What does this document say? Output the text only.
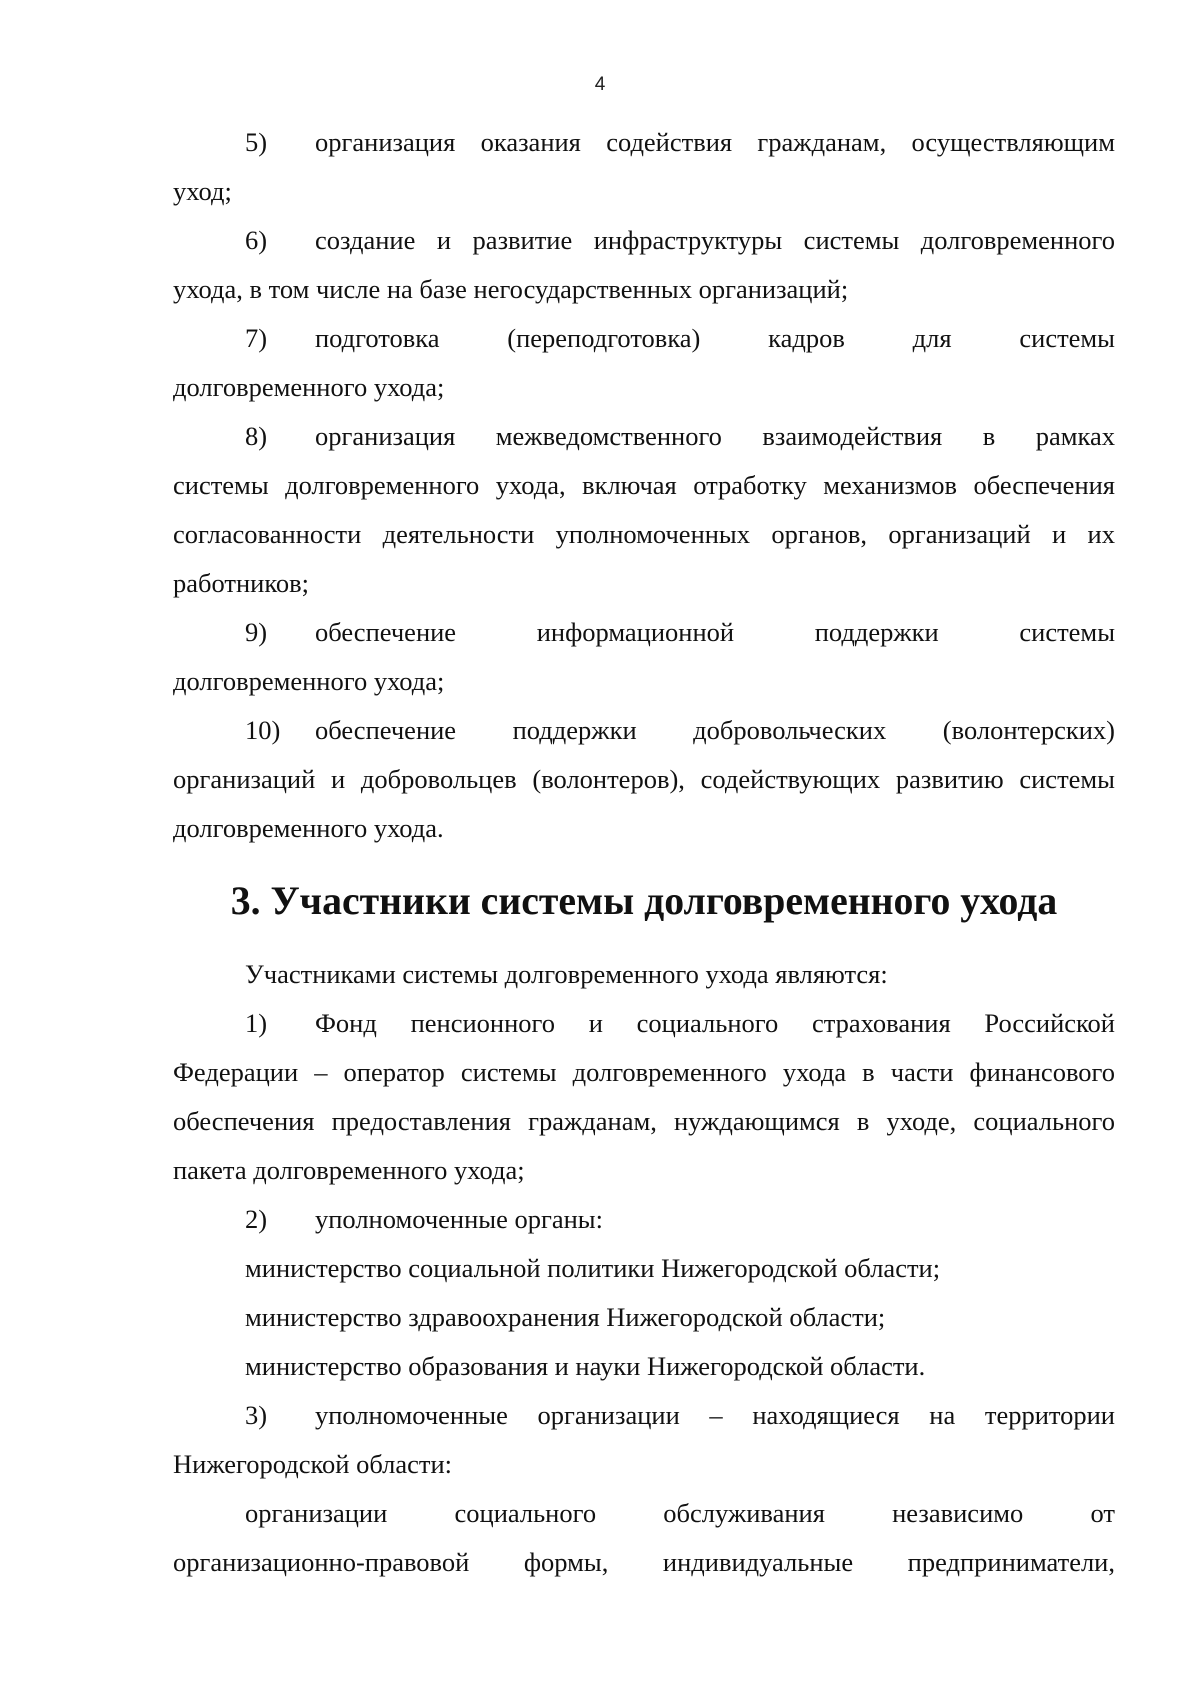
4
5) организация оказания содействия гражданам, осуществляющим
уход;
6) создание и развитие инфраструктуры системы долговременного
ухода, в том числе на базе негосударственных организаций;
7) подготовка (переподготовка) кадров для системы
долговременного ухода;
8) организация межведомственного взаимодействия в рамках
системы долговременного ухода, включая отработку механизмов обеспечения согласованности деятельности уполномоченных органов, организаций и их работников;
9) обеспечение информационной поддержки системы
долговременного ухода;
10) обеспечение поддержки добровольческих (волонтерских)
организаций и добровольцев (волонтеров), содействующих развитию системы долговременного ухода.
3. Участники системы долговременного ухода

Участниками системы долговременного ухода являются:

1) Фонд пенсионного и социального страхования Российской
Федерации – оператор системы долговременного ухода в части финансового обеспечения предоставления гражданам, нуждающимся в уходе, социального пакета долговременного ухода;
2) уполномоченные органы:

министерство социальной политики Нижегородской области;

министерство здравоохранения Нижегородской области;

министерство образования и науки Нижегородской области.

3) уполномоченные организации – находящиеся на территории
Нижегородской области:

организации социального обслуживания независимо от

организационно-правовой формы, индивидуальные предприниматели,
